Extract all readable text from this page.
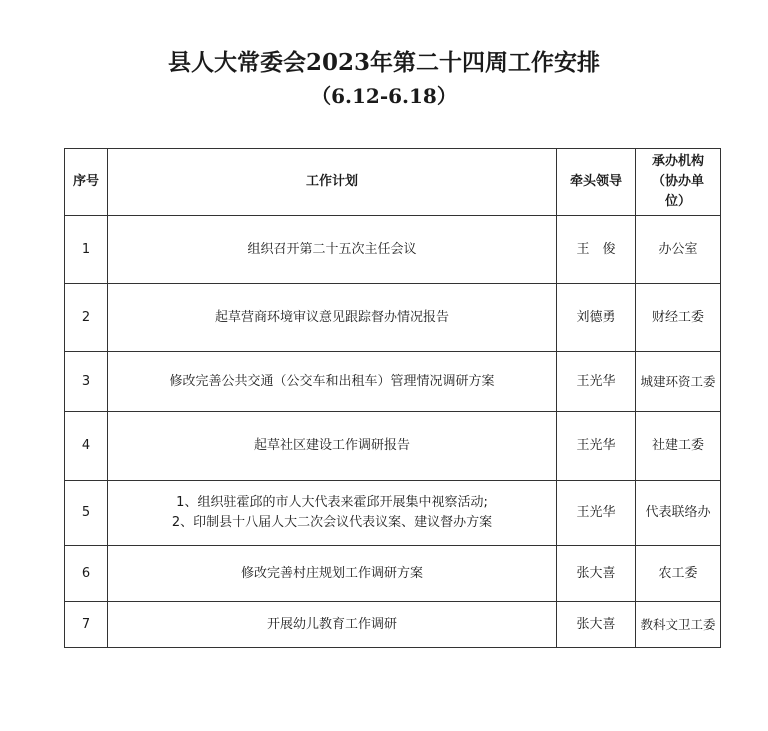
县人大常委会2023年第二十四周工作安排
（6.12-6.18）
序号	工作计划	牵头领导	承办机构（协办单位）
1	组织召开第二十五次主任会议	王　俊	办公室
2	起草营商环境审议意见跟踪督办情况报告	刘德勇	财经工委
3	修改完善公共交通（公交车和出租车）管理情况调研方案	王光华	城建环资工委
4	起草社区建设工作调研报告	王光华	社建工委
5	1、组织驻霍邱的市人大代表来霍邱开展集中视察活动;
2、印制县十八届人大二次会议代表议案、建议督办方案	王光华	代表联络办
6	修改完善村庄规划工作调研方案	张大喜	农工委
7	开展幼儿教育工作调研	张大喜	教科文卫工委
